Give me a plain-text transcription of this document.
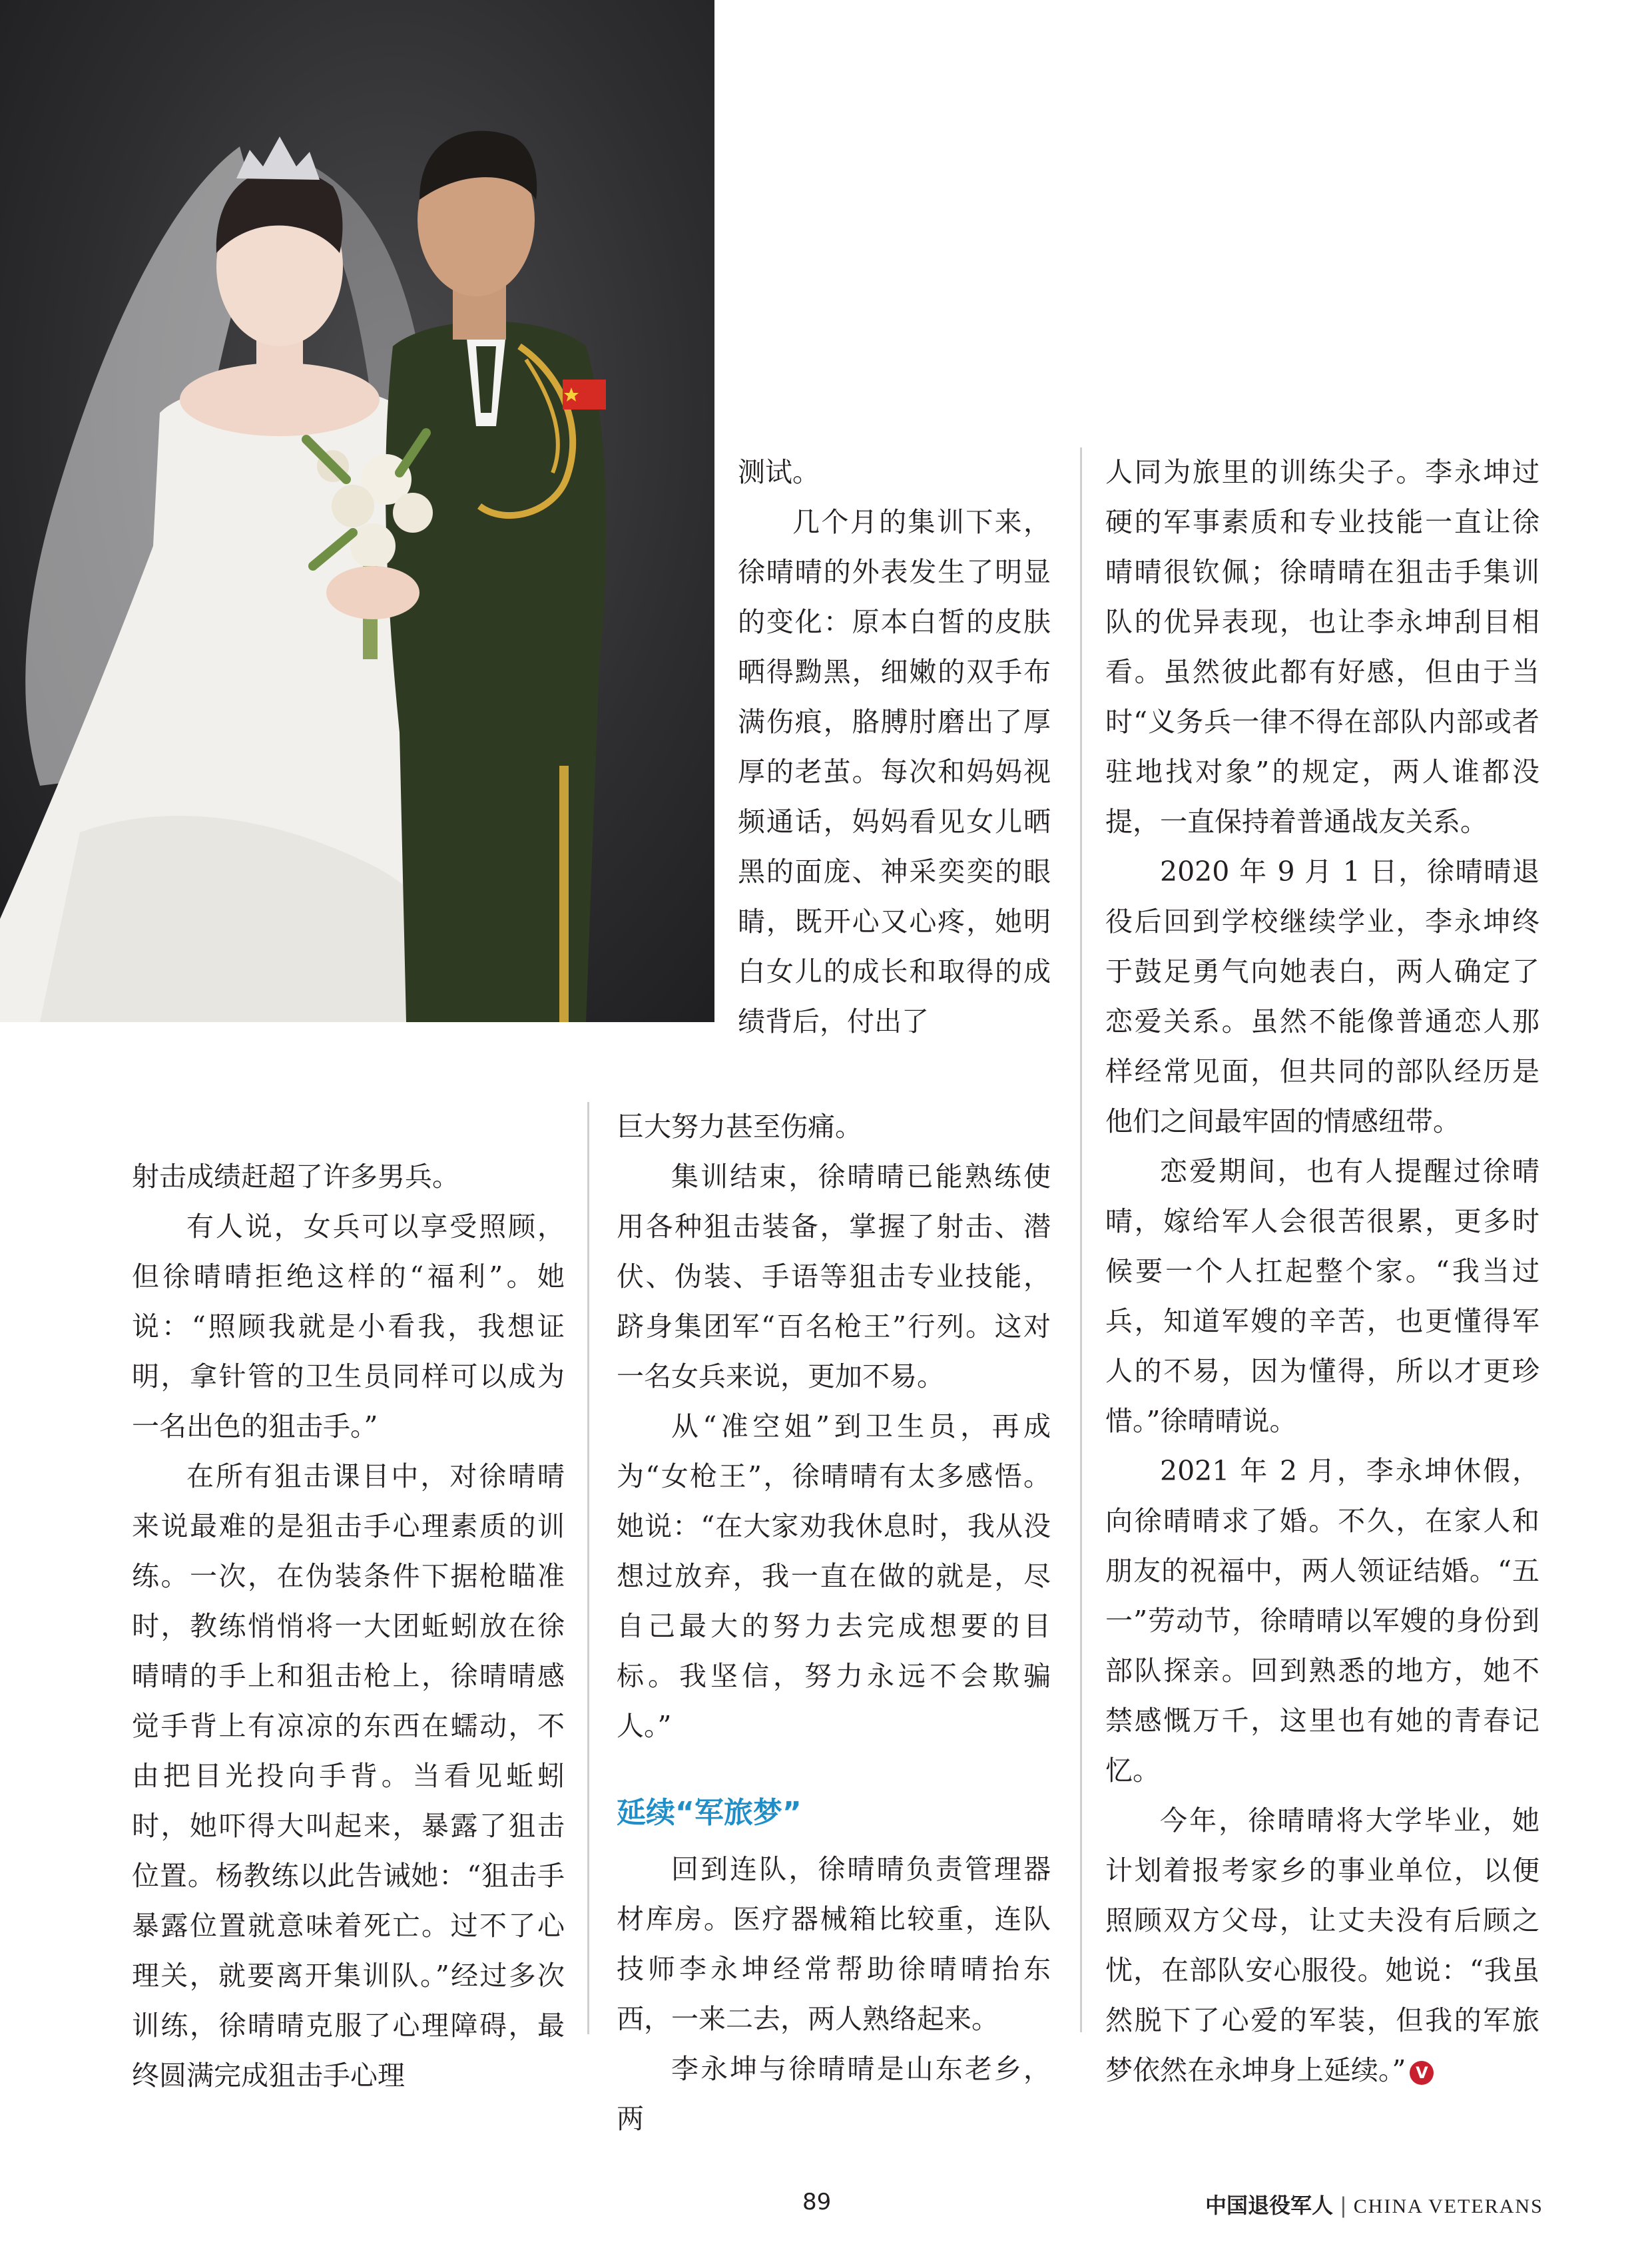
射击成绩赶超了许多男兵。

有人说，女兵可以享受照顾，但徐晴晴拒绝这样的“福利”。她说：“照顾我就是小看我，我想证明，拿针管的卫生员同样可以成为一名出色的狙击手。”

在所有狙击课目中，对徐晴晴来说最难的是狙击手心理素质的训练。一次，在伪装条件下据枪瞄准时，教练悄悄将一大团蚯蚓放在徐晴晴的手上和狙击枪上，徐晴晴感觉手背上有凉凉的东西在蠕动，不由把目光投向手背。当看见蚯蚓时，她吓得大叫起来，暴露了狙击位置。杨教练以此告诫她：“狙击手暴露位置就意味着死亡。过不了心理关，就要离开集训队。”经过多次训练，徐晴晴克服了心理障碍，最终圆满完成狙击手心理

测试。

几个月的集训下来，徐晴晴的外表发生了明显的变化：原本白皙的皮肤晒得黝黑，细嫩的双手布满伤痕，胳膊肘磨出了厚厚的老茧。每次和妈妈视频通话，妈妈看见女儿晒黑的面庞、神采奕奕的眼睛，既开心又心疼，她明白女儿的成长和取得的成绩背后，付出了

巨大努力甚至伤痛。

集训结束，徐晴晴已能熟练使用各种狙击装备，掌握了射击、潜伏、伪装、手语等狙击专业技能，跻身集团军“百名枪王”行列。这对一名女兵来说，更加不易。

从“准空姐”到卫生员，再成为“女枪王”，徐晴晴有太多感悟。她说：“在大家劝我休息时，我从没想过放弃，我一直在做的就是，尽自己最大的努力去完成想要的目标。我坚信，努力永远不会欺骗人。”

延续“军旅梦”

回到连队，徐晴晴负责管理器材库房。医疗器械箱比较重，连队技师李永坤经常帮助徐晴晴抬东西，一来二去，两人熟络起来。

李永坤与徐晴晴是山东老乡，两

人同为旅里的训练尖子。李永坤过硬的军事素质和专业技能一直让徐晴晴很钦佩；徐晴晴在狙击手集训队的优异表现，也让李永坤刮目相看。虽然彼此都有好感，但由于当时“义务兵一律不得在部队内部或者驻地找对象”的规定，两人谁都没提，一直保持着普通战友关系。

2020 年 9 月 1 日，徐晴晴退役后回到学校继续学业，李永坤终于鼓足勇气向她表白，两人确定了恋爱关系。虽然不能像普通恋人那样经常见面，但共同的部队经历是他们之间最牢固的情感纽带。

恋爱期间，也有人提醒过徐晴晴，嫁给军人会很苦很累，更多时候要一个人扛起整个家。“我当过兵，知道军嫂的辛苦，也更懂得军人的不易，因为懂得，所以才更珍惜。”徐晴晴说。

2021 年 2 月，李永坤休假，向徐晴晴求了婚。不久，在家人和朋友的祝福中，两人领证结婚。“五一”劳动节，徐晴晴以军嫂的身份到部队探亲。回到熟悉的地方，她不禁感慨万千，这里也有她的青春记忆。

今年，徐晴晴将大学毕业，她计划着报考家乡的事业单位，以便照顾双方父母，让丈夫没有后顾之忧，在部队安心服役。她说：“我虽然脱下了心爱的军装，但我的军旅梦依然在永坤身上延续。” V

89	中国退役军人 | CHINA VETERANS
